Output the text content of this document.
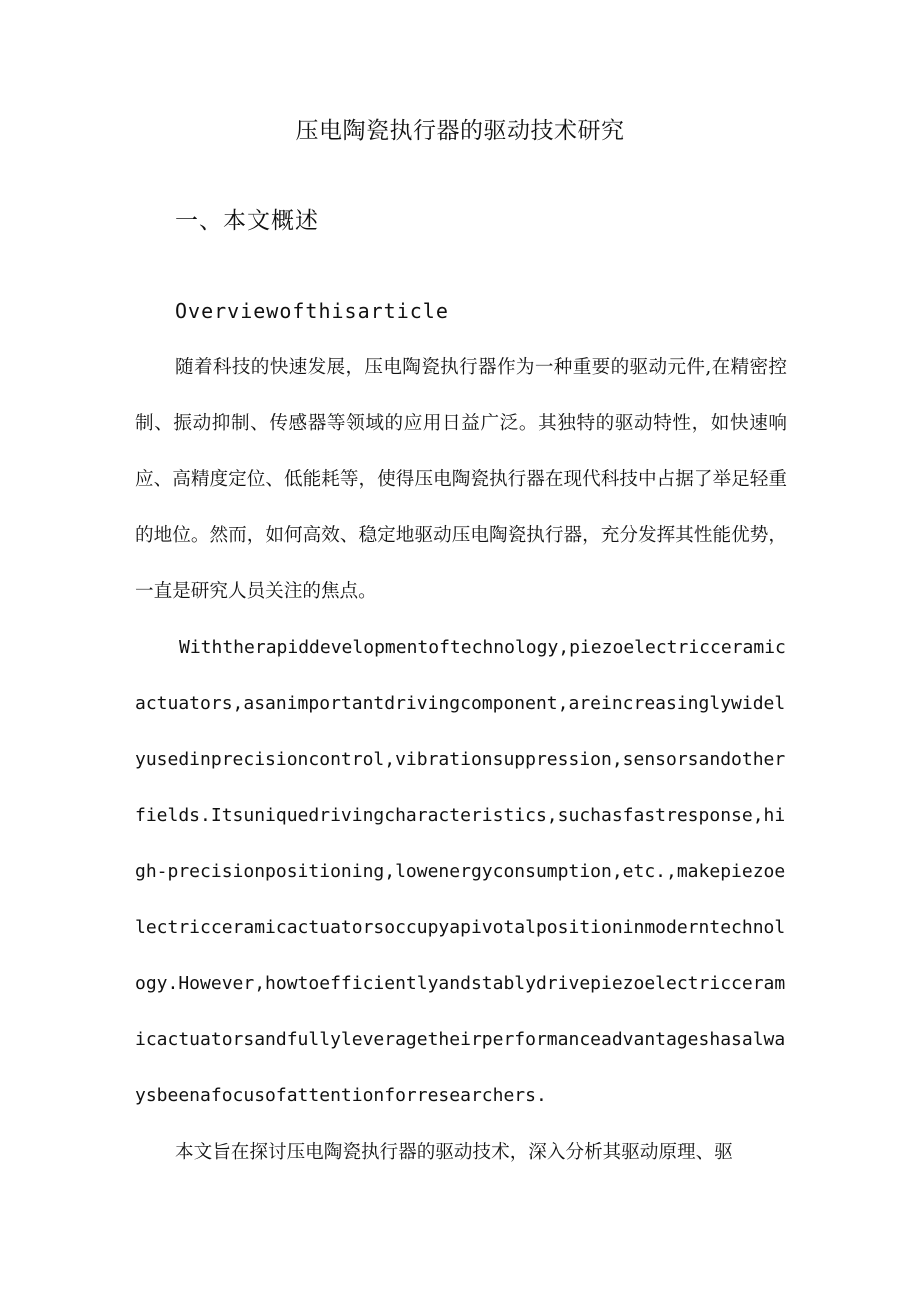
压电陶瓷执行器的驱动技术研究
一、本文概述
Overviewofthisarticle
随着科技的快速发展，压电陶瓷执行器作为一种重要的驱动元件,在精密控制、振动抑制、传感器等领域的应用日益广泛。其独特的驱动特性，如快速响应、高精度定位、低能耗等，使得压电陶瓷执行器在现代科技中占据了举足轻重的地位。然而，如何高效、稳定地驱动压电陶瓷执行器，充分发挥其性能优势，一直是研究人员关注的焦点。
Withtherapiddevelopmentoftechnology,piezoelectricceramicactuators,asanimportantdrivingcomponent,areincreasinglywidelyusedinprecisioncontrol,vibrationsuppression,sensorsandotherfields.Itsuniquedrivingcharacteristics,suchasfastresponse,high-precisionpositioning,lowenergyconsumption,etc.,makepiezoelectricceramicactuatorsoccupyapivotalpositioninmoderntechnology.However,howtoefficientlyandstablydrivepiezoelectricceramicactuatorsandfullyleveragetheirperformanceadvantageshasalwaysbeenafocusofattentionforresearchers.
本文旨在探讨压电陶瓷执行器的驱动技术，深入分析其驱动原理、驱
